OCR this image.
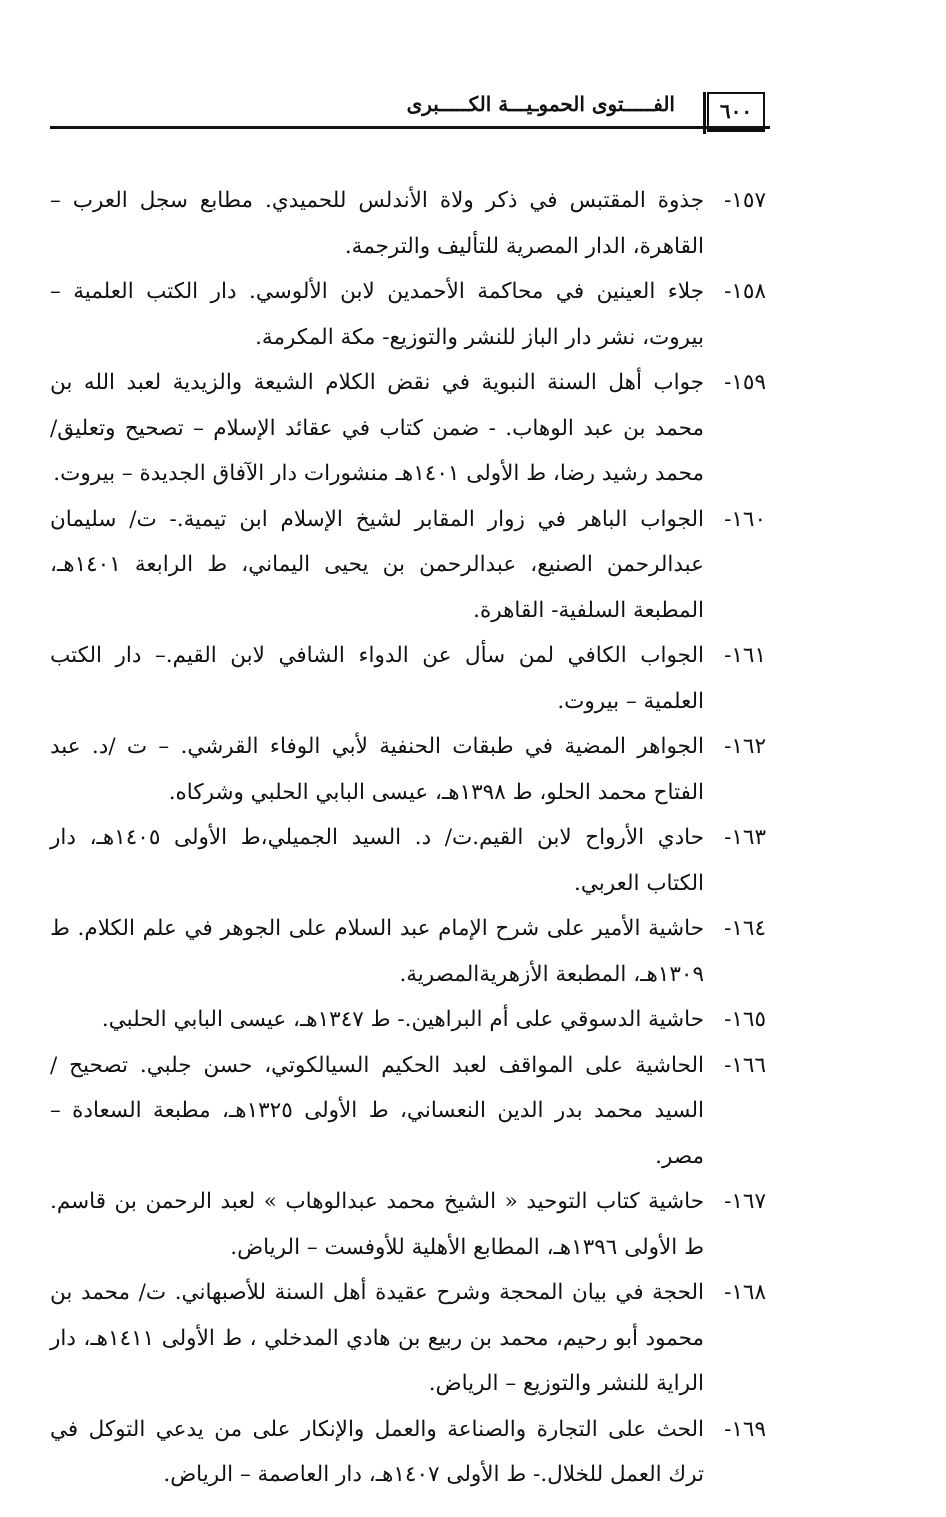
الفـــــتوى الحموـيـــة الكـــــبرى	٦٠٠

١٥٧-
جذوة المقتبس في ذكر ولاة الأندلس للحميدي. مطابع سجل العرب – القاهرة، الدار المصرية للتأليف والترجمة.

١٥٨-
جلاء العينين في محاكمة الأحمدين لابن الألوسي. دار الكتب العلمية – بيروت، نشر دار الباز للنشر والتوزيع- مكة المكرمة.

١٥٩-
جواب أهل السنة النبوية في نقض الكلام الشيعة والزيدية لعبد الله بن محمد بن عبد الوهاب. - ضمن كتاب في عقائد الإسلام – تصحيح وتعليق/ محمد رشيد رضا، ط الأولى ١٤٠١هـ منشورات دار الآفاق الجديدة – بيروت.

١٦٠-
الجواب الباهر في زوار المقابر لشيخ الإسلام ابن تيمية.- ت/ سليمان عبدالرحمن الصنيع، عبدالرحمن بن يحيى اليماني، ط الرابعة ١٤٠١هـ، المطبعة السلفية- القاهرة.

١٦١-
الجواب الكافي لمن سأل عن الدواء الشافي لابن القيم.– دار الكتب العلمية – بيروت.

١٦٢-
الجواهر المضية في طبقات الحنفية لأبي الوفاء القرشي. – ت /د. عبد الفتاح محمد الحلو، ط ١٣٩٨هـ، عيسى البابي الحلبي وشركاه.

١٦٣-
حادي الأرواح لابن القيم.ت/ د. السيد الجميلي،ط الأولى ١٤٠٥هـ، دار الكتاب العربي.

١٦٤-
حاشية الأمير على شرح الإمام عبد السلام على الجوهر في علم الكلام. ط ١٣٠٩هـ، المطبعة الأزهريةالمصرية.

١٦٥-
حاشية الدسوقي على أم البراهين.- ط ١٣٤٧هـ، عيسى البابي الحلبي.

١٦٦-
الحاشية على المواقف لعبد الحكيم السيالكوتي، حسن جلبي. تصحيح / السيد محمد بدر الدين النعساني، ط الأولى ١٣٢٥هـ، مطبعة السعادة – مصر.

١٦٧-
حاشية كتاب التوحيد « الشيخ محمد عبدالوهاب » لعبد الرحمن بن قاسم. ط الأولى ١٣٩٦هـ، المطابع الأهلية للأوفست – الرياض.

١٦٨-
الحجة في بيان المحجة وشرح عقيدة أهل السنة للأصبهاني. ت/ محمد بن محمود أبو رحيم، محمد بن ربيع بن هادي المدخلي ، ط الأولى ١٤١١هـ، دار الراية للنشر والتوزيع – الرياض.

١٦٩-
الحث على التجارة والصناعة والعمل والإنكار على من يدعي التوكل في ترك العمل للخلال.- ط الأولى ١٤٠٧هـ، دار العاصمة – الرياض.
